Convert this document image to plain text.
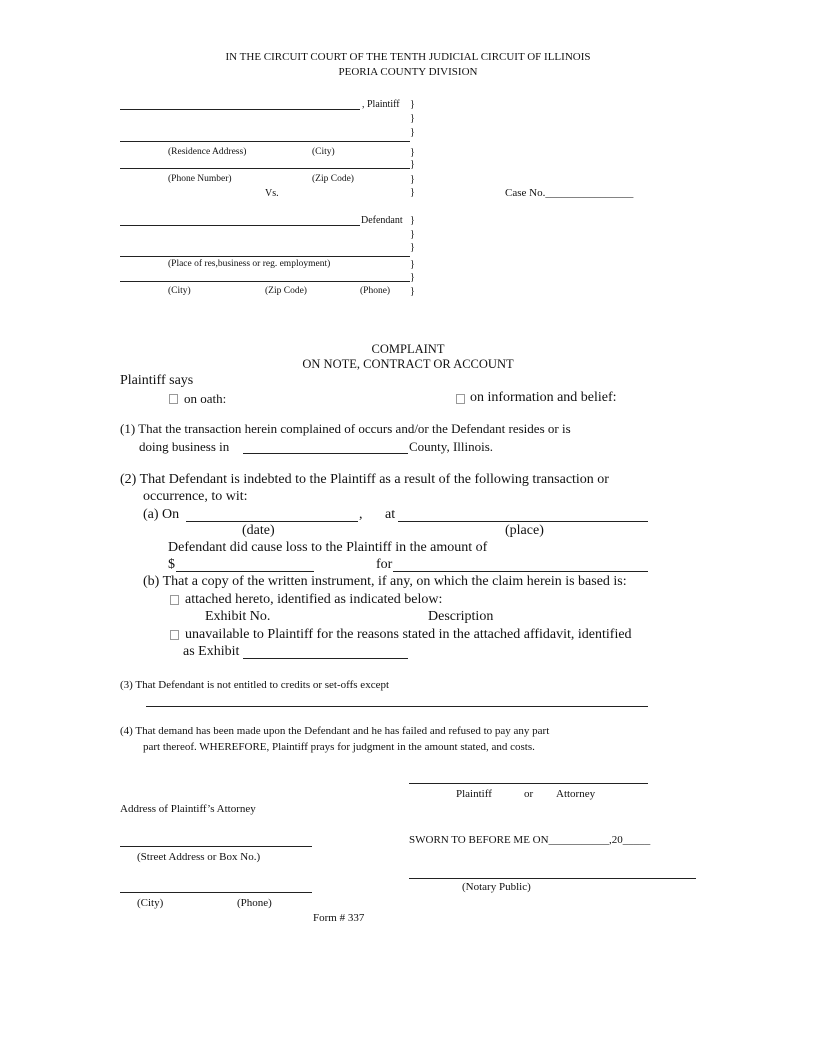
IN THE CIRCUIT COURT OF THE TENTH JUDICIAL CIRCUIT OF ILLINOIS
PEORIA COUNTY DIVISION
, Plaintiff
(Residence Address)	(City)
(Phone Number)	(Zip Code)
Vs.	Case No.________________
}
}
}
}
}
}
}
Defendant
(Place of res,business or reg. employment)
(City)	(Zip Code)	(Phone)
}
}
}
}
}
}
COMPLAINT
ON NOTE, CONTRACT OR ACCOUNT
Plaintiff says
on oath:	on information and belief:
(1) That the transaction herein complained of occurs and/or the Defendant resides or is
doing business in	County, Illinois.
(2) That Defendant is indebted to the Plaintiff as a result of the following transaction or
occurrence, to wit:
(a) On	, at
(date)	(place)
Defendant did cause loss to the Plaintiff in the amount of
$	for
(b) That a copy of the written instrument, if any, on which the claim herein is based is:
attached hereto, identified as indicated below:
Exhibit No.	Description
unavailable to Plaintiff for the reasons stated in the attached affidavit, identified
as Exhibit
(3) That Defendant is not entitled to credits or set-offs except
(4) That demand has been made upon the Defendant and he has failed and refused to pay any part
part thereof. WHEREFORE, Plaintiff prays for judgment in the amount stated, and costs.
Plaintiff	or Attorney
Address of Plaintiff’s Attorney
(Street Address or Box No.)
(City)	(Phone)
SWORN TO BEFORE ME ON___________,20_____
(Notary Public)
Form # 337
